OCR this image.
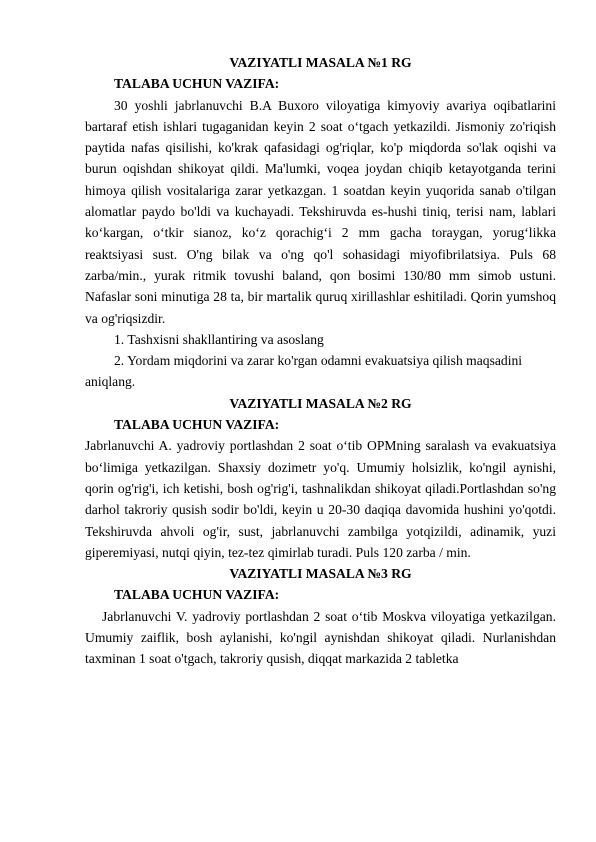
VAZIYATLI MASALA №1 RG

TALABA UCHUN VAZIFA:

30 yoshli jabrlanuvchi B.A Buxoro viloyatiga kimyoviy avariya oqibatlarini bartaraf etish ishlari tugaganidan keyin 2 soat o‘tgach yetkazildi. Jismoniy zo'riqish paytida nafas qisilishi, ko'krak qafasidagi og'riqlar, ko'p miqdorda so'lak oqishi va burun oqishdan shikoyat qildi. Ma'lumki, voqea joydan chiqib ketayotganda terini himoya qilish vositalariga zarar yetkazgan. 1 soatdan keyin yuqorida sanab o'tilgan alomatlar paydo bo'ldi va kuchayadi. Tekshiruvda es-hushi tiniq, terisi nam, lablari ko‘kargan, o‘tkir sianoz, ko‘z qorachig‘i 2 mm gacha toraygan, yorug‘likka reaktsiyasi sust. O'ng bilak va o'ng qo'l sohasidagi miyofibrilatsiya. Puls 68 zarba/min., yurak ritmik tovushi baland, qon bosimi 130/80 mm simob ustuni. Nafaslar soni minutiga 28 ta, bir martalik quruq xirillashlar eshitiladi. Qorin yumshoq va og'riqsizdir.

1. Tashxisni shakllantiring va asoslang

2. Yordam miqdorini va zarar ko'rgan odamni evakuatsiya qilish maqsadini aniqlang.

VAZIYATLI MASALA №2 RG

TALABA UCHUN VAZIFA:

Jabrlanuvchi A. yadroviy portlashdan 2 soat o‘tib OPMning saralash va evakuatsiya bo‘limiga yetkazilgan. Shaxsiy dozimetr yo'q. Umumiy holsizlik, ko'ngil aynishi, qorin og'rig'i, ich ketishi, bosh og'rig'i, tashnalikdan shikoyat qiladi.Portlashdan so'ng darhol takroriy qusish sodir bo'ldi, keyin u 20-30 daqiqa davomida hushini yo'qotdi. Tekshiruvda ahvoli og'ir, sust, jabrlanuvchi zambilga yotqizildi, adinamik, yuzi giperemiyasi, nutqi qiyin, tez-tez qimirlab turadi. Puls 120 zarba / min.

VAZIYATLI MASALA №3 RG

TALABA UCHUN VAZIFA:

Jabrlanuvchi V. yadroviy portlashdan 2 soat o‘tib Moskva viloyatiga yetkazilgan. Umumiy zaiflik, bosh aylanishi, ko'ngil aynishdan shikoyat qiladi. Nurlanishdan taxminan 1 soat o'tgach, takroriy qusish, diqqat markazida 2 tabletka
